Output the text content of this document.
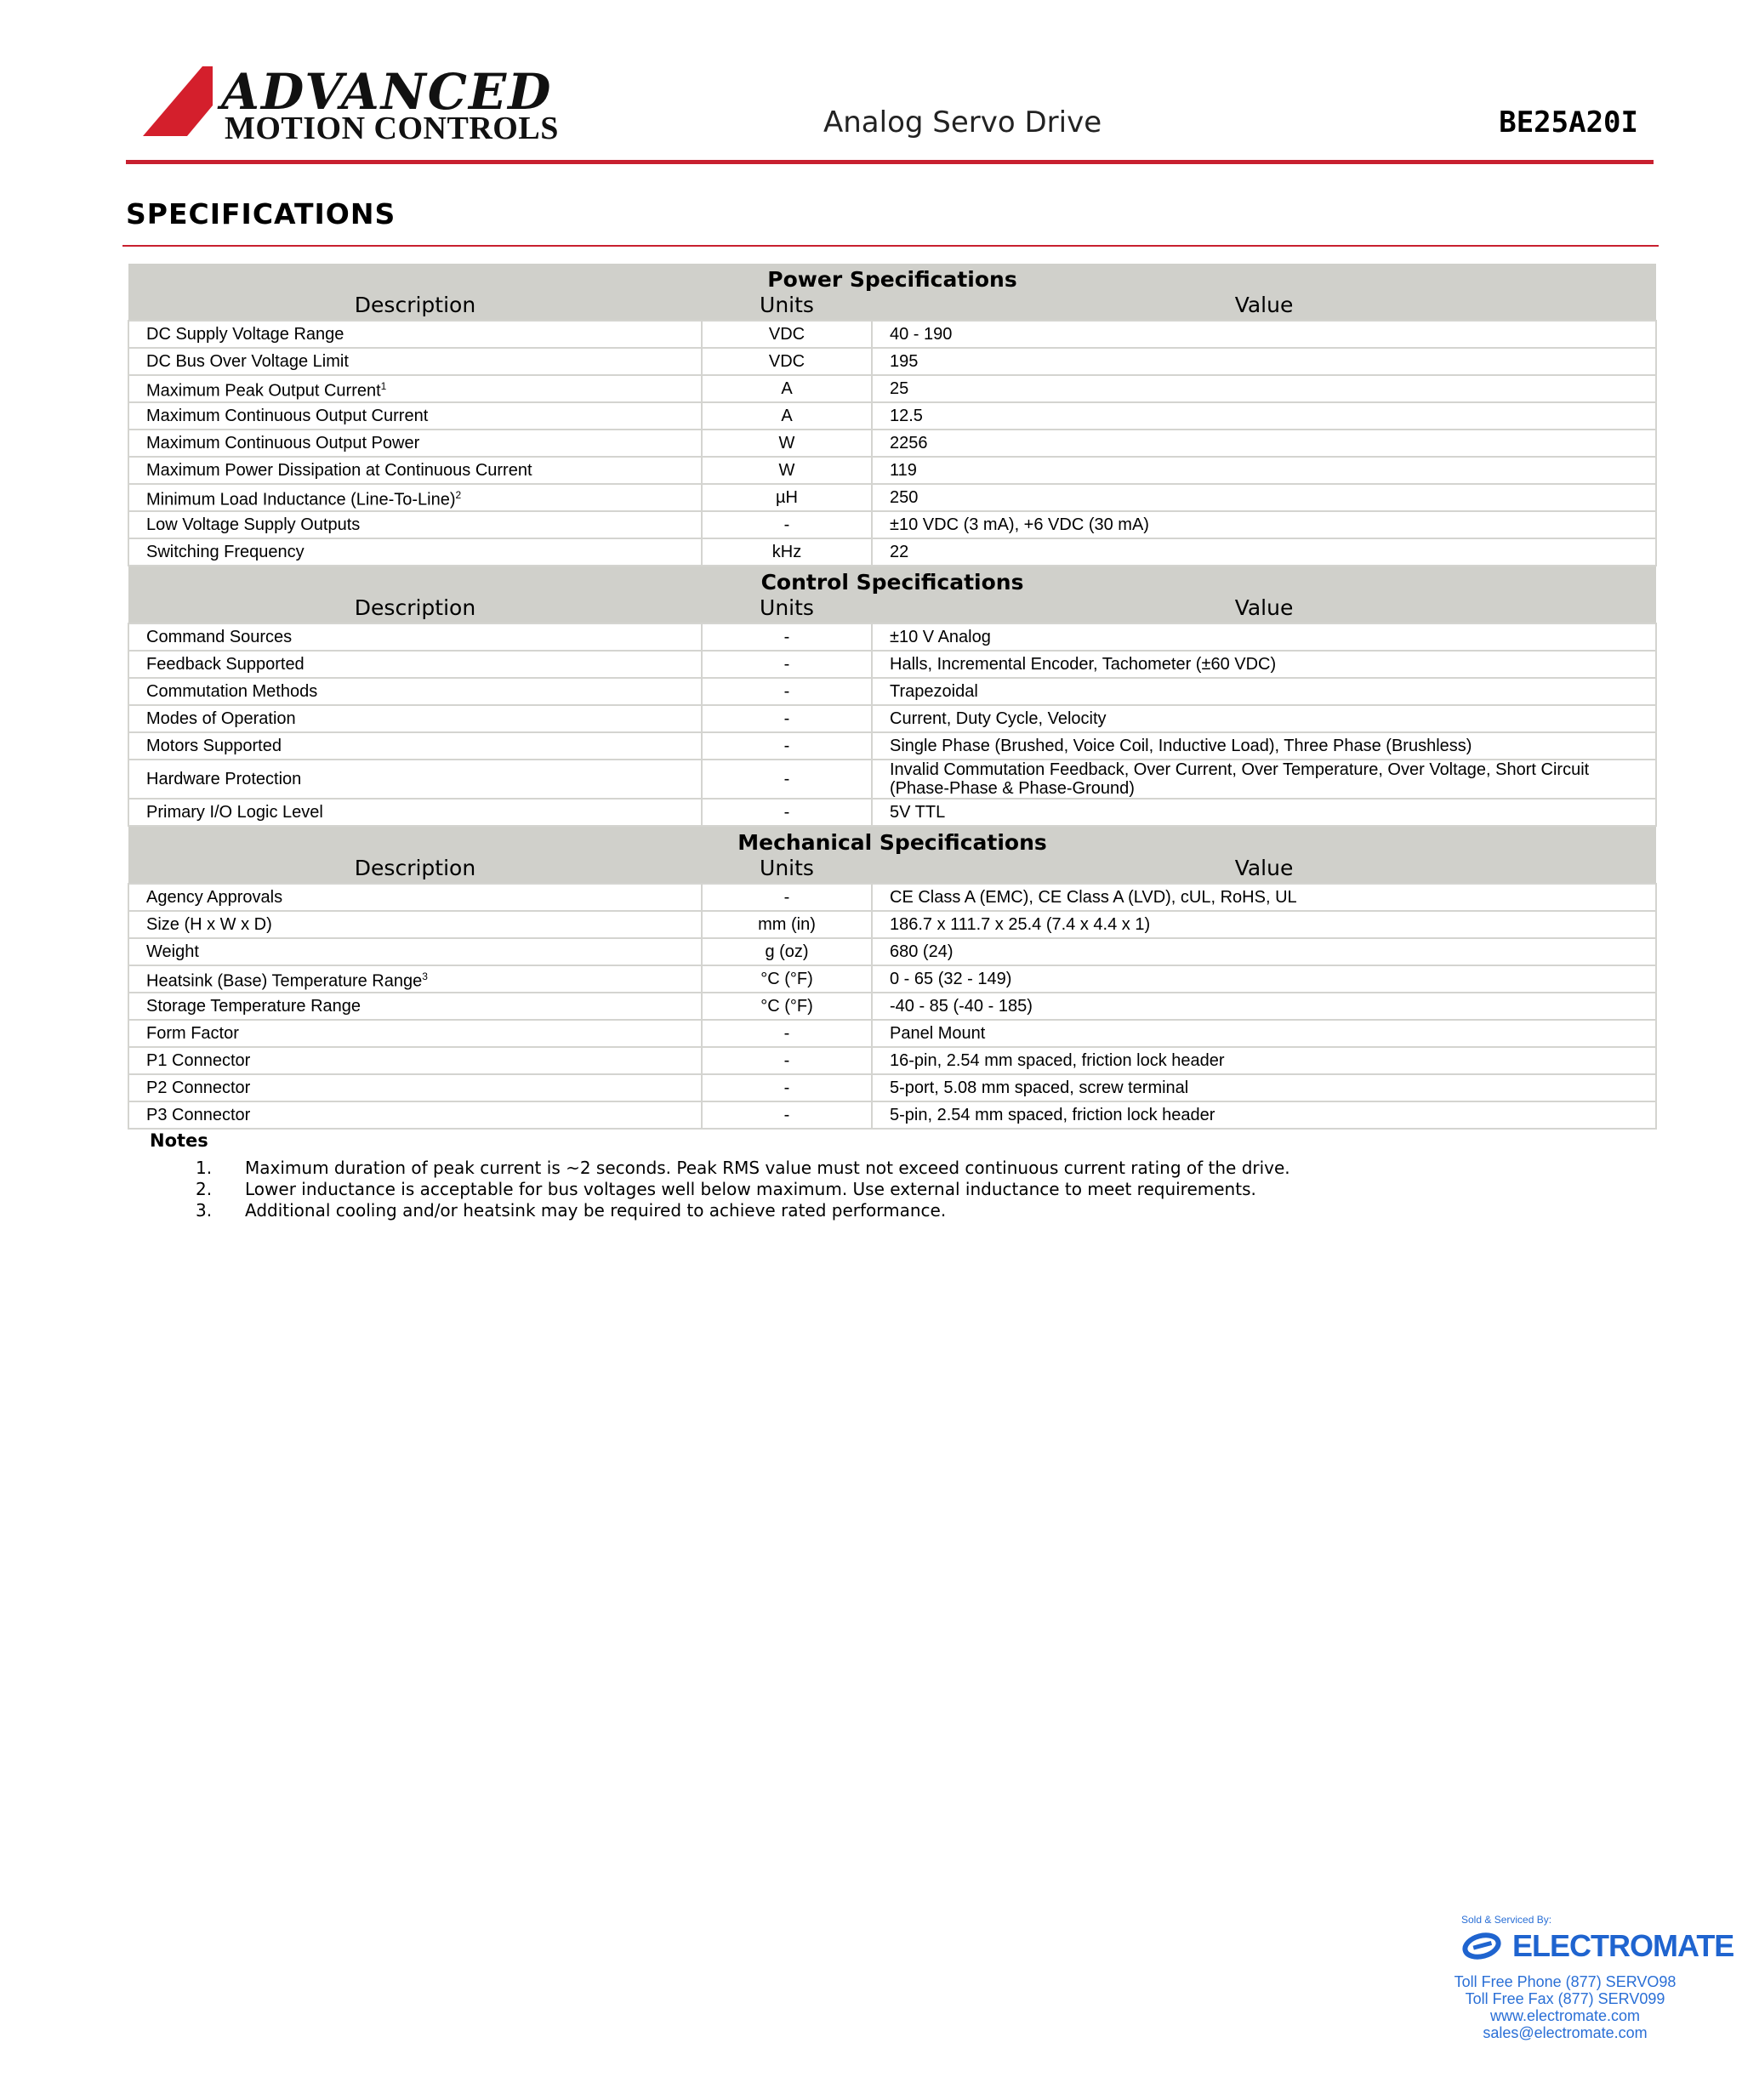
ADVANCED
MOTION CONTROLS	Analog Servo Drive	BE25A20I
SPECIFICATIONS
Power Specifications		
Description	Units	Value
DC Supply Voltage Range	VDC	40 - 190
DC Bus Over Voltage Limit	VDC	195
Maximum Peak Output Current$^1$	A	25
Maximum Continuous Output Current	A	12.5
Maximum Continuous Output Power	W	2256
Maximum Power Dissipation at Continuous Current	W	119
Minimum Load Inductance (Line-To-Line)$^2$	µH	250
Low Voltage Supply Outputs	-	±10 VDC (3 mA), +6 VDC (30 mA)
Switching Frequency	kHz	22
Control Specifications		
Description	Units	Value
Command Sources	-	±10 V Analog
Feedback Supported	-	Halls, Incremental Encoder, Tachometer (±60 VDC)
Commutation Methods	-	Trapezoidal
Modes of Operation	-	Current, Duty Cycle, Velocity
Motors Supported	-	Single Phase (Brushed, Voice Coil, Inductive Load), Three Phase (Brushless)
Hardware Protection	-	Invalid Commutation Feedback, Over Current, Over Temperature, Over Voltage, Short Circuit (Phase-Phase & Phase-Ground)
Primary I/O Logic Level	-	5V TTL
Mechanical Specifications		
Description	Units	Value
Agency Approvals	-	CE Class A (EMC), CE Class A (LVD), cUL, RoHS, UL
Size (H x W x D)	mm (in)	186.7 x 111.7 x 25.4 (7.4 x 4.4 x 1)
Weight	g (oz)	680 (24)
Heatsink (Base) Temperature Range$^3$	°C (°F)	0 - 65 (32 - 149)
Storage Temperature Range	°C (°F)	-40 - 85 (-40 - 185)
Form Factor	-	Panel Mount
P1 Connector	-	16-pin, 2.54 mm spaced, friction lock header
P2 Connector	-	5-port, 5.08 mm spaced, screw terminal
P3 Connector	-	5-pin, 2.54 mm spaced, friction lock header
Notes
1. Maximum duration of peak current is ~2 seconds. Peak RMS value must not exceed continuous current rating of the drive.
2. Lower inductance is acceptable for bus voltages well below maximum. Use external inductance to meet requirements.
3. Additional cooling and/or heatsink may be required to achieve rated performance.
Sold & Serviced By:
ELECTROMATE
Toll Free Phone (877) SERVO98
Toll Free Fax (877) SERV099
www.electromate.com
sales@electromate.com
